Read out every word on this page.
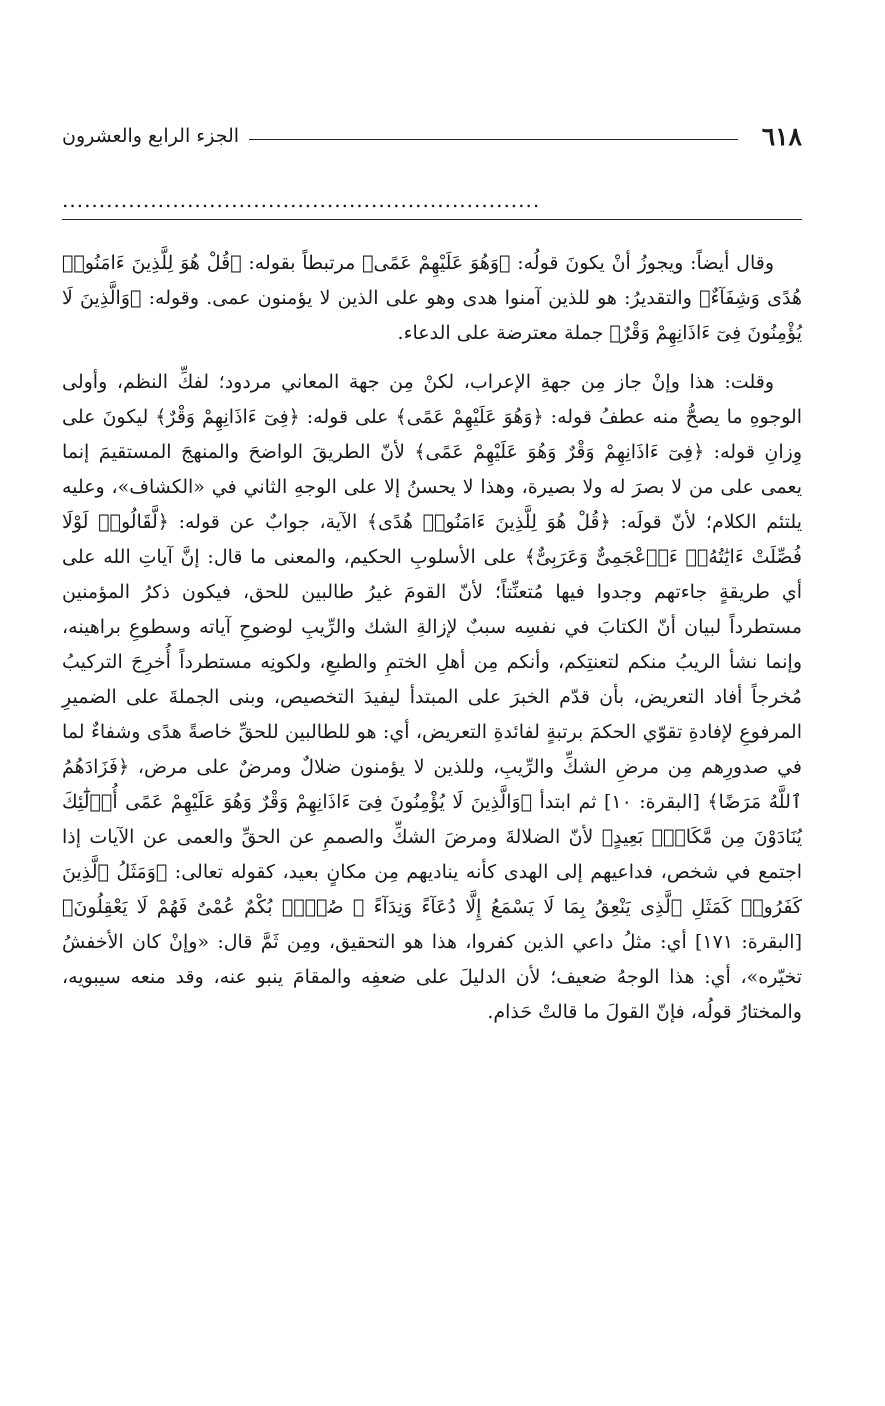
٦١٨
الجزء الرابع والعشرون
.................................................................

وقال أيضاً: ويجوزُ أنْ يكونَ قولُه: ﴿وَهُوَ عَلَيْهِمْ عَمًى﴾ مرتبطاً بقوله: ﴿قُلْ هُوَ لِلَّذِينَ ءَامَنُوا۟ هُدًى وَشِفَآءٌ﴾ والتقديرُ: هو للذين آمنوا هدى وهو على الذين لا يؤمنون عمى. وقوله: ﴿وَالَّذِينَ لَا يُؤْمِنُونَ فِىٓ ءَاذَانِهِمْ وَقْرٌ﴾ جملة معترضة على الدعاء.

وقلت: هذا وإنْ جاز مِن جهةِ الإعراب، لكنْ مِن جهة المعاني مردود؛ لفكِّ النظم، وأولى الوجوهِ ما يصحُّ منه عطفُ قوله: ﴿وَهُوَ عَلَيْهِمْ عَمًى﴾ على قوله: ﴿فِىٓ ءَاذَانِهِمْ وَقْرٌ﴾ ليكونَ على وِزانِ قوله: ﴿فِىٓ ءَاذَانِهِمْ وَقْرٌ وَهُوَ عَلَيْهِمْ عَمًى﴾ لأنّ الطريقَ الواضحَ والمنهجَ المستقيمَ إنما يعمى على من لا بصرَ له ولا بصيرة، وهذا لا يحسنُ إلا على الوجهِ الثاني في «الكشاف»، وعليه يلتئم الكلام؛ لأنّ قولَه: ﴿قُلْ هُوَ لِلَّذِينَ ءَامَنُوا۟ هُدًى﴾ الآية، جوابٌ عن قوله: ﴿لَّقَالُوا۟ لَوْلَا فُصِّلَتْ ءَايَٰتُهُۥٓ ءَا۬عْجَمِىٌّ وَعَرَبِىٌّ﴾ على الأسلوبِ الحكيم، والمعنى ما قال: إنَّ آياتِ الله على أي طريقةٍ جاءتهم وجدوا فيها مُتعنِّتاً؛ لأنّ القومَ غيرُ طالبين للحق، فيكون ذكرُ المؤمنين مستطرداً لبيان أنّ الكتابَ في نفسِه سببٌ لإزالةِ الشك والرِّيبِ لوضوحِ آياته وسطوعِ براهينه، وإنما نشأ الريبُ منكم لتعنتِكم، وأنكم مِن أهلِ الختمِ والطبعِ، ولكونِه مستطرداً أُخرِجَ التركيبُ مُخرجاً أفاد التعريض، بأن قدّم الخبرَ على المبتدأ ليفيدَ التخصيص، وبنى الجملةَ على الضميرِ المرفوعِ لإفادةِ تقوّي الحكمَ برتبةٍ لفائدةِ التعريض، أي: هو للطالبين للحقِّ خاصةً هدًى وشفاءٌ لما في صدورِهم مِن مرضِ الشكِّ والرِّيبِ، وللذين لا يؤمنون ضلالٌ ومرضٌ على مرض، ﴿فَزَادَهُمُ ٱللَّهُ مَرَضًا﴾ [البقرة: ١٠] ثم ابتدأ ﴿وَالَّذِينَ لَا يُؤْمِنُونَ فِىٓ ءَاذَانِهِمْ وَقْرٌ وَهُوَ عَلَيْهِمْ عَمًى أُو۟لَٰٓئِكَ يُنَادَوْنَ مِن مَّكَانٍۭ بَعِيدٍ﴾ لأنّ الضلالةَ ومرضَ الشكِّ والصممِ عن الحقِّ والعمى عن الآيات إذا اجتمع في شخص، فداعيهم إلى الهدى كأنه يناديهم مِن مكانٍ بعيد، كقوله تعالى: ﴿وَمَثَلُ ٱلَّذِينَ كَفَرُوا۟ كَمَثَلِ ٱلَّذِى يَنْعِقُ بِمَا لَا يَسْمَعُ إِلَّا دُعَآءً وَنِدَآءً ۚ صُمٌّۢ بُكْمٌ عُمْىٌ فَهُمْ لَا يَعْقِلُونَ﴾ [البقرة: ١٧١] أي: مثلُ داعي الذين كفروا، هذا هو التحقيق، ومِن ثَمَّ قال: «وإنْ كان الأخفشُ تخيّره»، أي: هذا الوجهُ ضعيف؛ لأن الدليلَ على ضعفِه والمقامَ ينبو عنه، وقد منعه سيبويه، والمختارُ قولُه، فإنّ القولَ ما قالتْ حَذام.
